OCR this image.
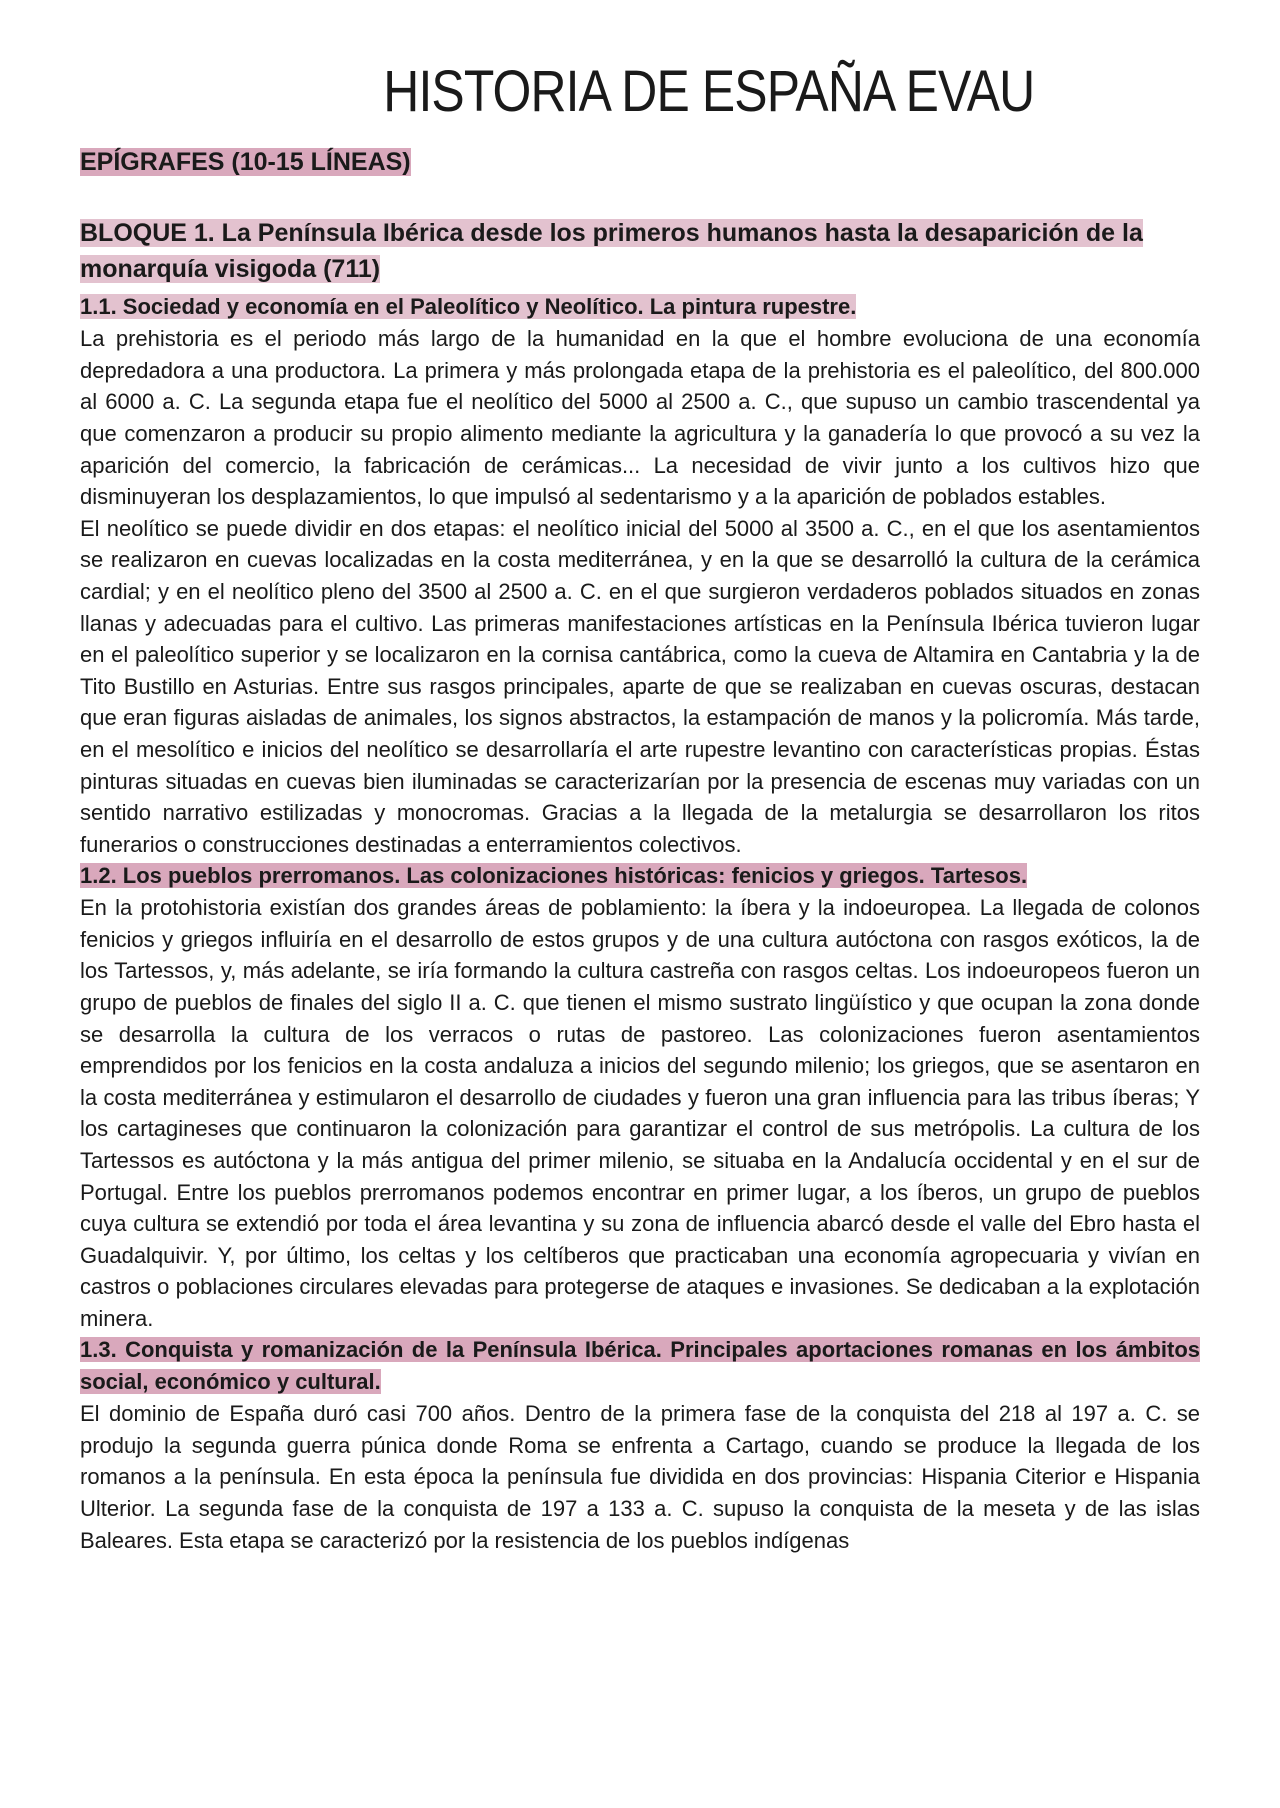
HISTORIA DE ESPAÑA EVAU
EPÍGRAFES (10-15 LÍNEAS)
BLOQUE 1. La Península Ibérica desde los primeros humanos hasta la desaparición de la monarquía visigoda (711)

1.1. Sociedad y economía en el Paleolítico y Neolítico. La pintura rupestre.

La prehistoria es el periodo más largo de la humanidad en la que el hombre evoluciona de una economía depredadora a una productora. La primera y más prolongada etapa de la prehistoria es el paleolítico, del 800.000 al 6000 a. C. La segunda etapa fue el neolítico del 5000 al 2500 a. C., que supuso un cambio trascendental ya que comenzaron a producir su propio alimento mediante la agricultura y la ganadería lo que provocó a su vez la aparición del comercio, la fabricación de cerámicas... La necesidad de vivir junto a los cultivos hizo que disminuyeran los desplazamientos, lo que impulsó al sedentarismo y a la aparición de poblados estables.

El neolítico se puede dividir en dos etapas: el neolítico inicial del 5000 al 3500 a. C., en el que los asentamientos se realizaron en cuevas localizadas en la costa mediterránea, y en la que se desarrolló la cultura de la cerámica cardial; y en el neolítico pleno del 3500 al 2500 a. C. en el que surgieron verdaderos poblados situados en zonas llanas y adecuadas para el cultivo. Las primeras manifestaciones artísticas en la Península Ibérica tuvieron lugar en el paleolítico superior y se localizaron en la cornisa cantábrica, como la cueva de Altamira en Cantabria y la de Tito Bustillo en Asturias. Entre sus rasgos principales, aparte de que se realizaban en cuevas oscuras, destacan que eran figuras aisladas de animales, los signos abstractos, la estampación de manos y la policromía. Más tarde, en el mesolítico e inicios del neolítico se desarrollaría el arte rupestre levantino con características propias. Éstas pinturas situadas en cuevas bien iluminadas se caracterizarían por la presencia de escenas muy variadas con un sentido narrativo estilizadas y monocromas. Gracias a la llegada de la metalurgia se desarrollaron los ritos funerarios o construcciones destinadas a enterramientos colectivos.

1.2. Los pueblos prerromanos. Las colonizaciones históricas: fenicios y griegos. Tartesos.

En la protohistoria existían dos grandes áreas de poblamiento: la íbera y la indoeuropea. La llegada de colonos fenicios y griegos influiría en el desarrollo de estos grupos y de una cultura autóctona con rasgos exóticos, la de los Tartessos, y, más adelante, se iría formando la cultura castreña con rasgos celtas. Los indoeuropeos fueron un grupo de pueblos de finales del siglo II a. C. que tienen el mismo sustrato lingüístico y que ocupan la zona donde se desarrolla la cultura de los verracos o rutas de pastoreo. Las colonizaciones fueron asentamientos emprendidos por los fenicios en la costa andaluza a inicios del segundo milenio; los griegos, que se asentaron en la costa mediterránea y estimularon el desarrollo de ciudades y fueron una gran influencia para las tribus íberas; Y los cartagineses que continuaron la colonización para garantizar el control de sus metrópolis. La cultura de los Tartessos es autóctona y la más antigua del primer milenio, se situaba en la Andalucía occidental y en el sur de Portugal. Entre los pueblos prerromanos podemos encontrar en primer lugar, a los íberos, un grupo de pueblos cuya cultura se extendió por toda el área levantina y su zona de influencia abarcó desde el valle del Ebro hasta el Guadalquivir. Y, por último, los celtas y los celtíberos que practicaban una economía agropecuaria y vivían en castros o poblaciones circulares elevadas para protegerse de ataques e invasiones. Se dedicaban a la explotación minera.

1.3. Conquista y romanización de la Península Ibérica. Principales aportaciones romanas en los ámbitos social, económico y cultural.

El dominio de España duró casi 700 años. Dentro de la primera fase de la conquista del 218 al 197 a. C. se produjo la segunda guerra púnica donde Roma se enfrenta a Cartago, cuando se produce la llegada de los romanos a la península. En esta época la península fue dividida en dos provincias: Hispania Citerior e Hispania Ulterior. La segunda fase de la conquista de 197 a 133 a. C. supuso la conquista de la meseta y de las islas Baleares. Esta etapa se caracterizó por la resistencia de los pueblos indígenas
